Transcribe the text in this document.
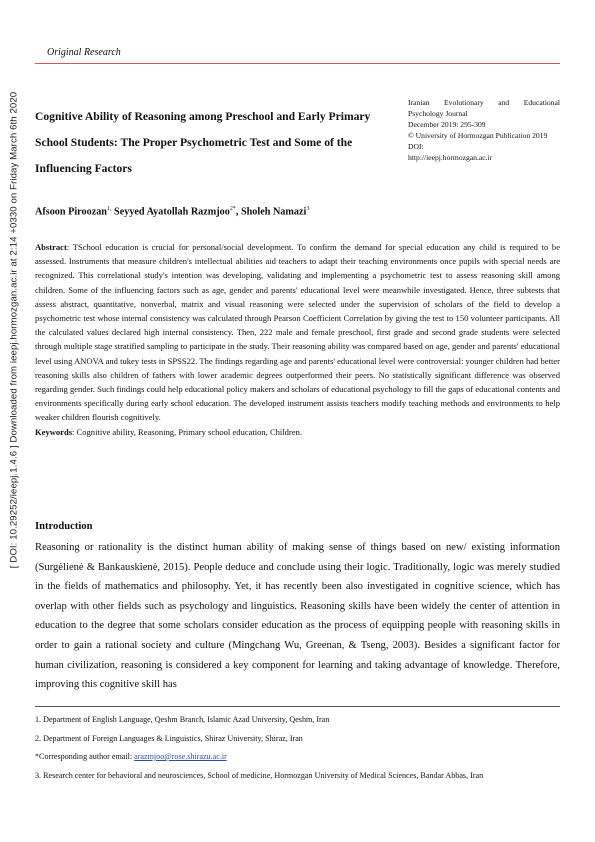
[ DOI: 10.29252/ieepj.1.4.6 ] Downloaded from ieepj.hormozgan.ac.ir at 2:14 +0330 on Friday March 6th 2020
Original Research
Cognitive Ability of Reasoning among Preschool and Early Primary School Students: The Proper Psychometric Test and Some of the Influencing Factors
Iranian Evolutionary and Educational
Psychology Journal
December 2019: 295-309
© University of Hormozgan Publication 2019
DOI:
http://ieepj.hormozgan.ac.ir
Afsoon Piroozan$^{1,}$ Seyyed Ayatollah Razmjoo$^{2*}$, Sholeh Namazi$^3$
Abstract: TSchool education is crucial for personal/social development. To confirm the demand for special education any child is required to be assessed. Instruments that measure children's intellectual abilities aid teachers to adapt their teaching environments once pupils with special needs are recognized. This correlational study's intention was developing, validating and implementing a psychometric test to assess reasoning skill among children. Some of the influencing factors such as age, gender and parents' educational level were meanwhile investigated. Hence, three subtests that assess abstract, quantitative, nonverbal, matrix and visual reasoning were selected under the supervision of scholars of the field to develop a psychometric test whose internal consistency was calculated through Pearson Coefficient Correlation by giving the test to 150 volunteer participants. All the calculated values declared high internal consistency. Then, 222 male and female preschool, first grade and second grade students were selected through multiple stage stratified sampling to participate in the study. Their reasoning ability was compared based on age, gender and parents' educational level using ANOVA and tukey tests in SPSS22. The findings regarding age and parents' educational level were controversial: younger children had better reasoning skills also children of fathers with lower academic degrees outperformed their peers. No statistically significant difference was observed regarding gender. Such findings could help educational policy makers and scholars of educational psychology to fill the gaps of educational contents and environments specifically during early school education. The developed instrument assists teachers modify teaching methods and environments to help weaker children flourish cognitively.
Keywords: Cognitive ability, Reasoning, Primary school education, Children.
Introduction
Reasoning or rationality is the distinct human ability of making sense of things based on new/ existing information (Surgėlienė & Bankauskienė, 2015). People deduce and conclude using their logic. Traditionally, logic was merely studied in the fields of mathematics and philosophy. Yet, it has recently been also investigated in cognitive science, which has overlap with other fields such as psychology and linguistics. Reasoning skills have been widely the center of attention in education to the degree that some scholars consider education as the process of equipping people with reasoning skills in order to gain a rational society and culture (Mingchang Wu, Greenan, & Tseng, 2003). Besides a significant factor for human civilization, reasoning is considered a key component for learning and taking advantage of knowledge. Therefore, improving this cognitive skill has

1. Department of English Language, Qeshm Branch, Islamic Azad University, Qeshm, Iran

2. Department of Foreign Languages & Linguistics, Shiraz University, Shiraz, Iran

*Corresponding author email: arazmjoo@rose.shirazu.ac.ir

3. Research center for behavioral and neurosciences, School of medicine, Hormozgan University of Medical Sciences, Bandar Abbas, Iran
